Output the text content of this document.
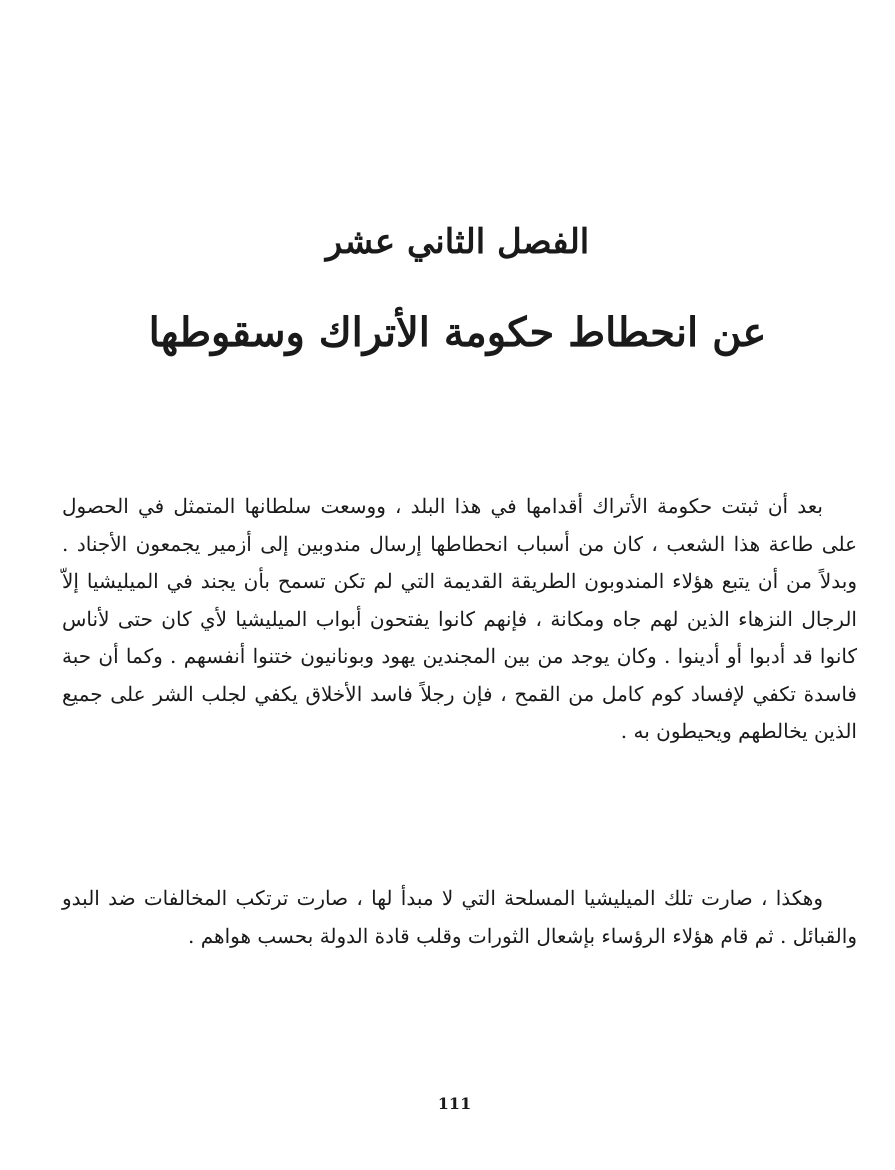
الفصل الثاني عشر
عن انحطاط حكومة الأتراك وسقوطها

بعد أن ثبتت حكومة الأتراك أقدامها في هذا البلد ، ووسعت سلطانها المتمثل في الحصول على طاعة هذا الشعب ، كان من أسباب انحطاطها إرسال مندوبين إلى أزمير يجمعون الأجناد . وبدلاً من أن يتبع هؤلاء المندوبون الطريقة القديمة التي لم تكن تسمح بأن يجند في الميليشيا إلاّ الرجال النزهاء الذين لهم جاه ومكانة ، فإنهم كانوا يفتحون أبواب الميليشيا لأي كان حتى لأناس كانوا قد أدبوا أو أدينوا . وكان يوجد من بين المجندين يهود وبونانيون ختنوا أنفسهم . وكما أن حبة فاسدة تكفي لإفساد كوم كامل من القمح ، فإن رجلاً فاسد الأخلاق يكفي لجلب الشر على جميع الذين يخالطهم ويحيطون به .

وهكذا ، صارت تلك الميليشيا المسلحة التي لا مبدأ لها ، صارت ترتكب المخالفات ضد البدو والقبائل . ثم قام هؤلاء الرؤساء بإشعال الثورات وقلب قادة الدولة بحسب هواهم .

111
